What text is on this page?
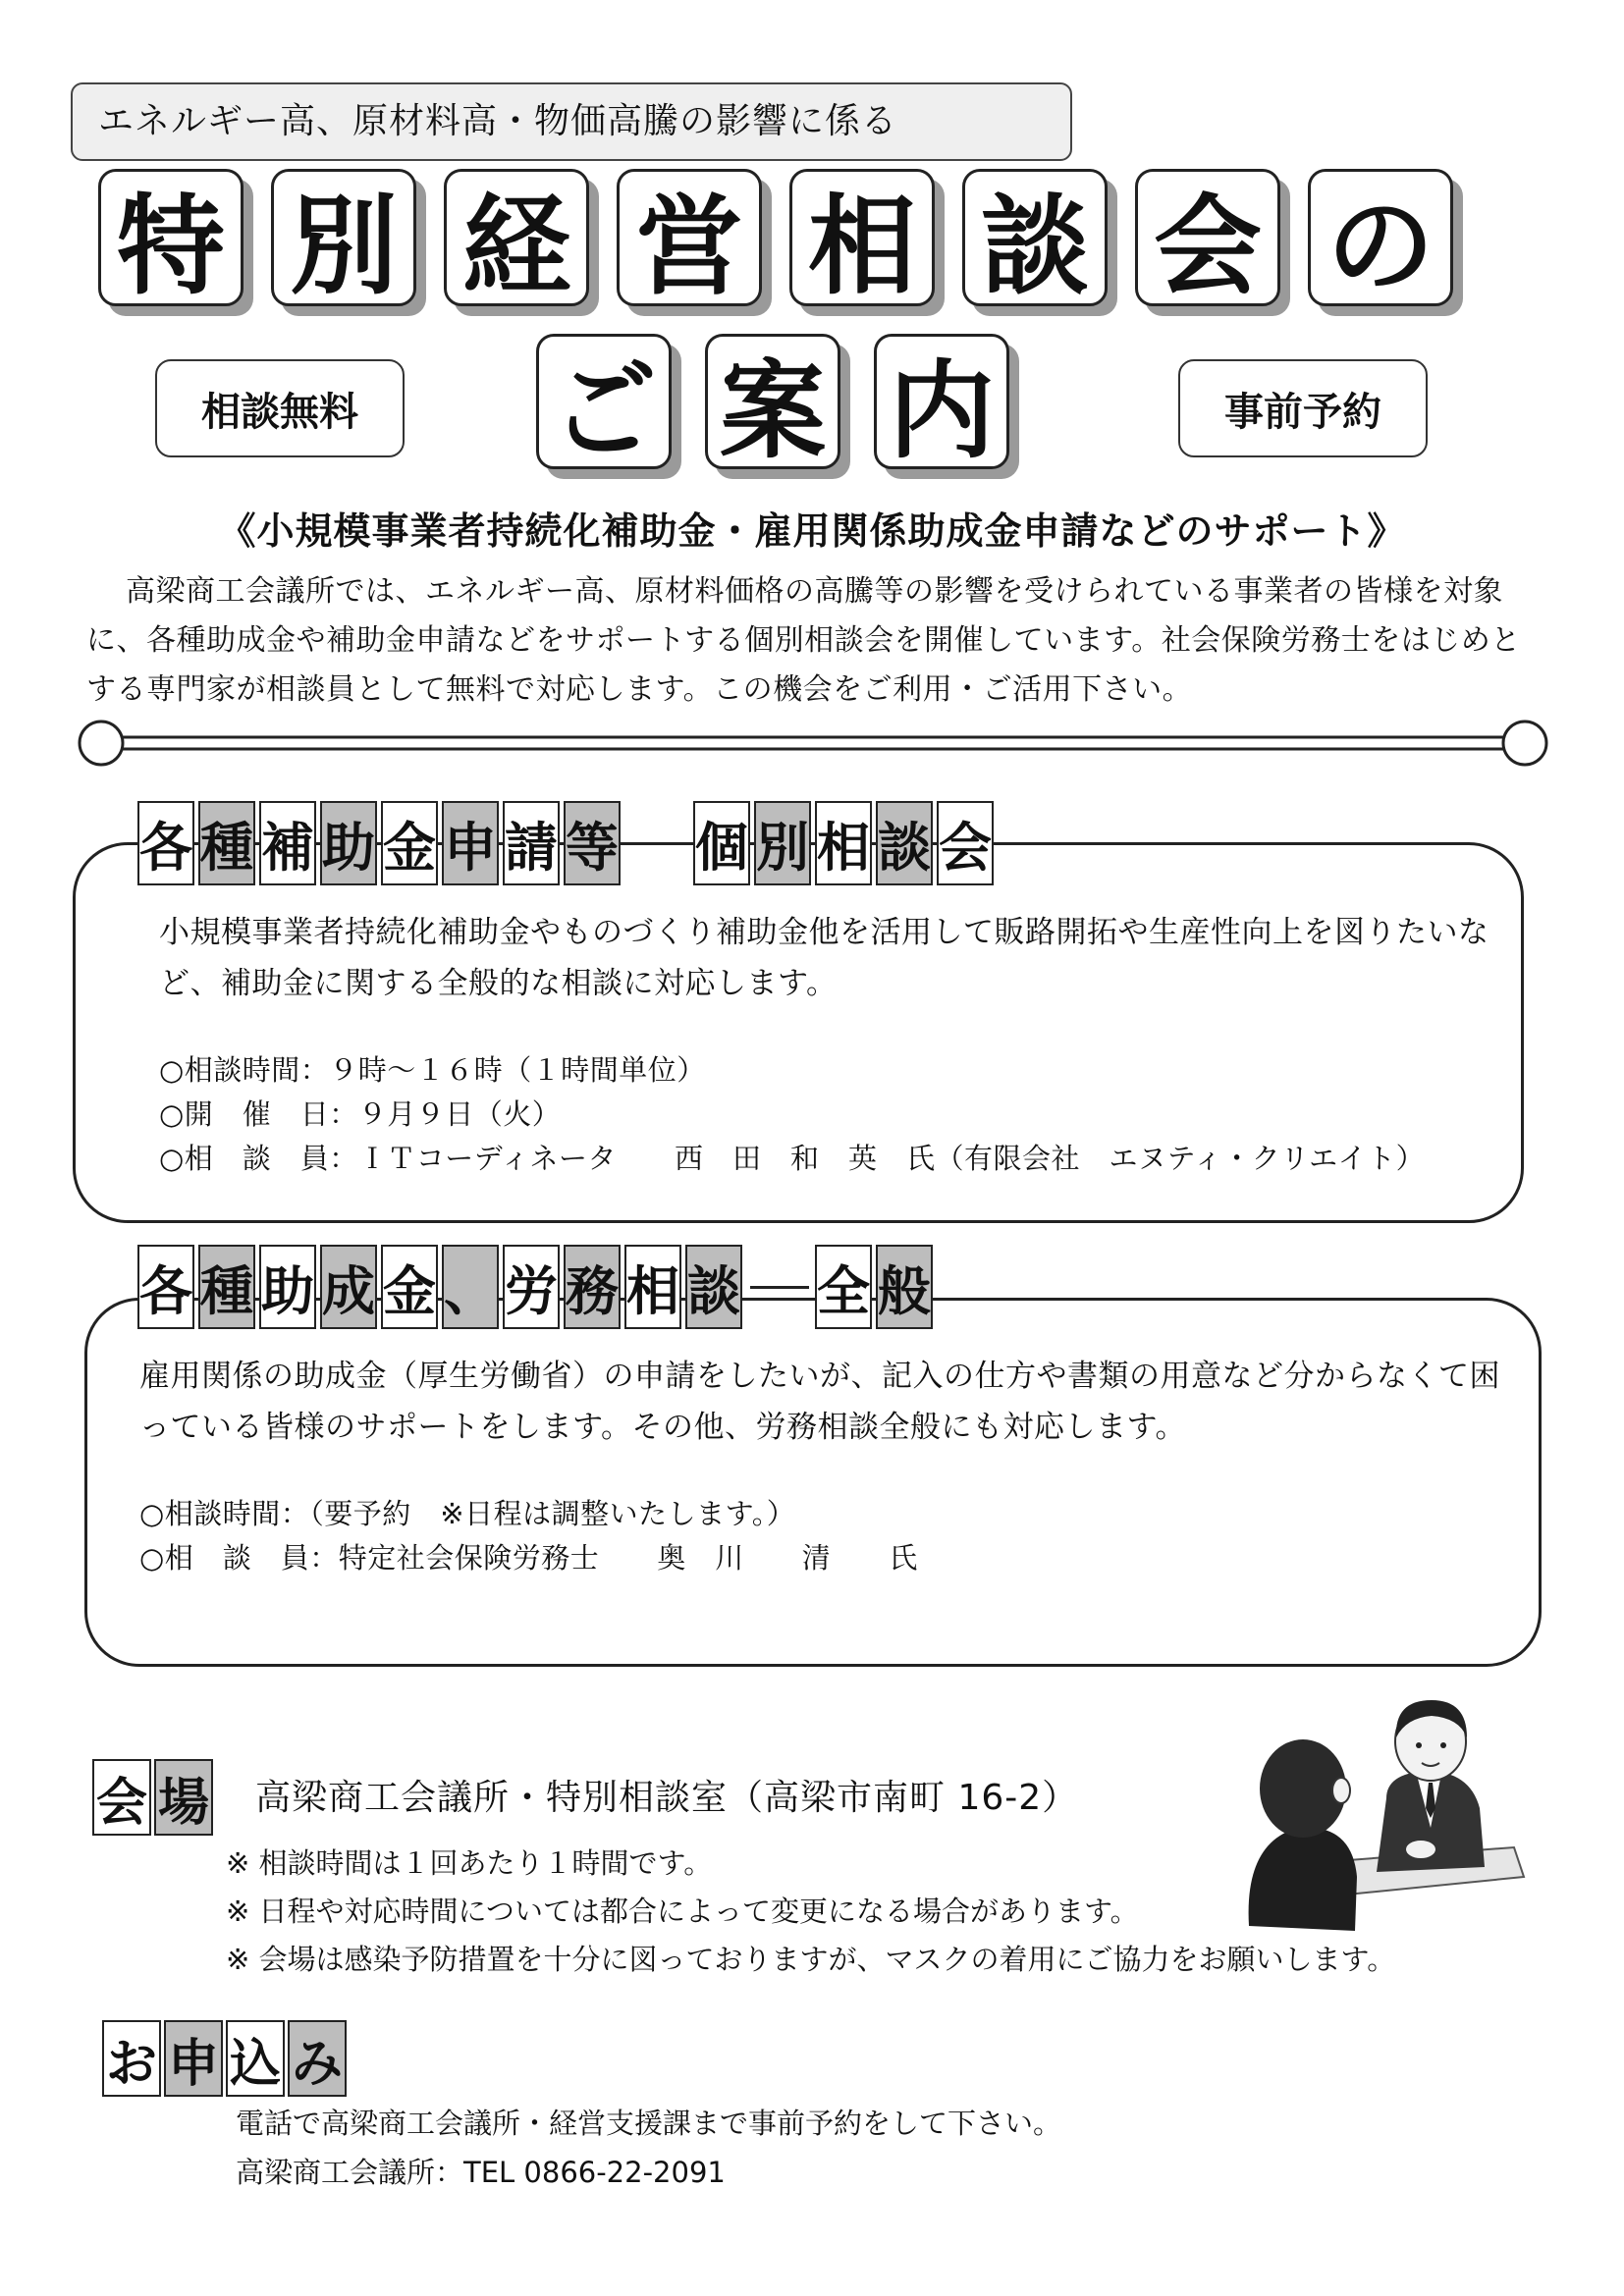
エネルギー高、原材料高・物価高騰の影響に係る
特 別 経 営 相 談 会 の
相談無料	ご 案 内	事前予約
《小規模事業者持続化補助金・雇用関係助成金申請などのサポート》

高梁商工会議所では、エネルギー高、原材料価格の高騰等の影響を受けられている事業者の皆様を対象に、各種助成金や補助金申請などをサポートする個別相談会を開催しています。社会保険労務士をはじめとする専門家が相談員として無料で対応します。この機会をご利用・ご活用下さい。

各 種 補 助 金 申 請 等 個 別 相 談 会

小規模事業者持続化補助金やものづくり補助金他を活用して販路開拓や生産性向上を図りたいなど、補助金に関する全般的な相談に対応します。

○相談時間：９時～１６時（１時間単位）
○開　催　日：９月９日（火）
○相　談　員：ＩＴコーディネータ　　西　田　和　英　氏（有限会社　エヌティ・クリエイト）
各 種 助 成 金 、 労 務 相 談 全 般

雇用関係の助成金（厚生労働省）の申請をしたいが、記入の仕方や書類の用意など分からなくて困っている皆様のサポートをします。その他、労務相談全般にも対応します。

○相談時間：（要予約　※日程は調整いたします。）
○相　談　員：特定社会保険労務士　　奥　川　　清　　氏
会 場 高梁商工会議所・特別相談室（高梁市南町 16-2）
※ 相談時間は１回あたり１時間です。
※ 日程や対応時間については都合によって変更になる場合があります。
※ 会場は感染予防措置を十分に図っておりますが、マスクの着用にご協力をお願いします。
お 申 込 み
電話で高梁商工会議所・経営支援課まで事前予約をして下さい。
高梁商工会議所：TEL 0866-22-2091
